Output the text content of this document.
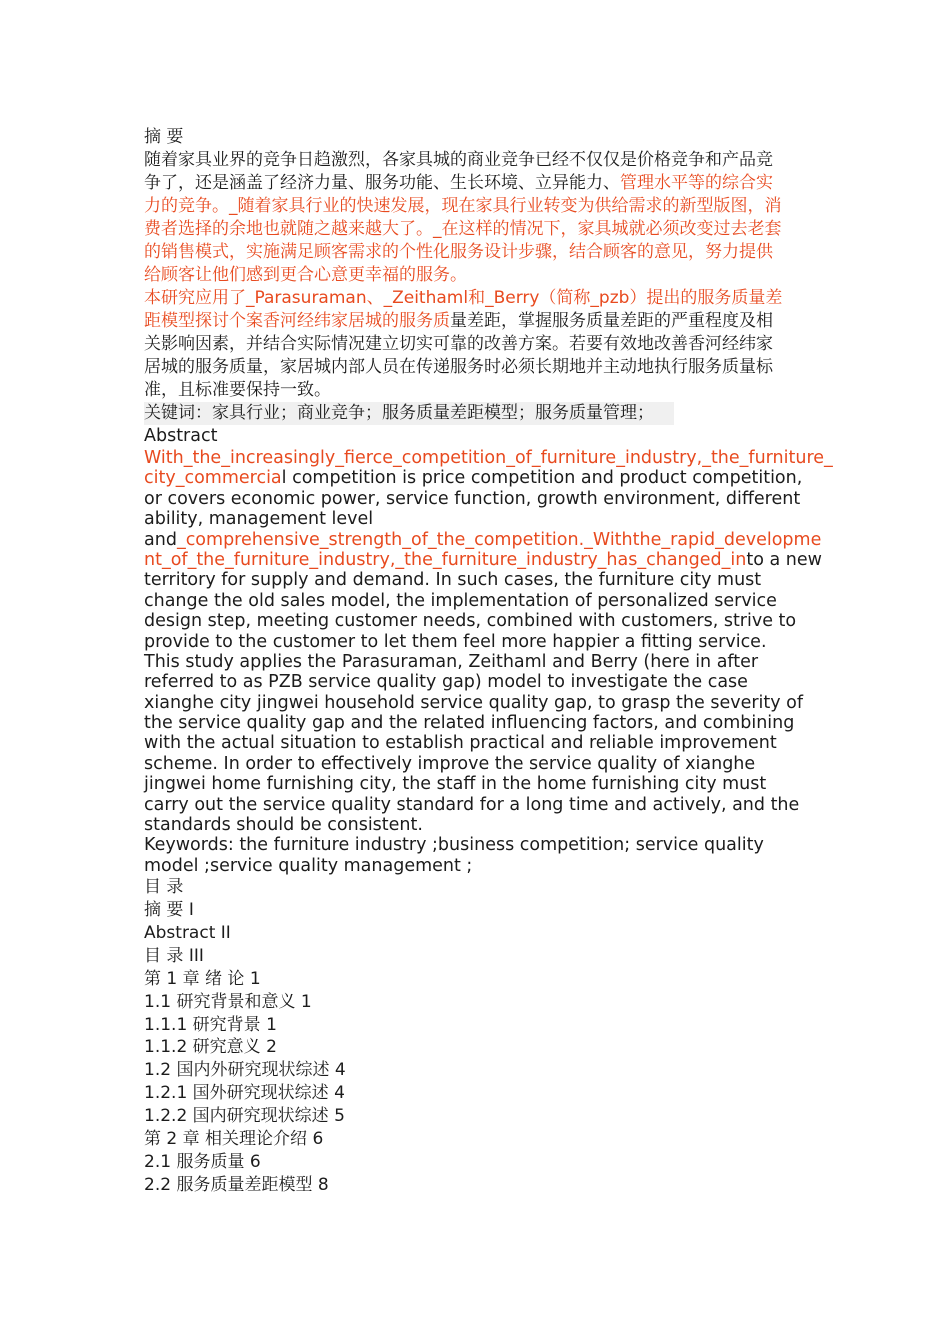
摘 要
随着家具业界的竞争日趋激烈，各家具城的商业竞争已经不仅仅是价格竞争和产品竞
争了，还是涵盖了经济力量、服务功能、生长环境、立异能力、管理水平等的综合实
力的竞争。_随着家具行业的快速发展，现在家具行业转变为供给需求的新型版图，消
费者选择的余地也就随之越来越大了。_在这样的情况下，家具城就必须改变过去老套
的销售模式，实施满足顾客需求的个性化服务设计步骤，结合顾客的意见，努力提供
给顾客让他们感到更合心意更幸福的服务。
本研究应用了_Parasuraman、_Zeithaml和_Berry（简称_pzb）提出的服务质量差
距模型探讨个案香河经纬家居城的服务质量差距，掌握服务质量差距的严重程度及相
关影响因素，并结合实际情况建立切实可靠的改善方案。若要有效地改善香河经纬家
居城的服务质量，家居城内部人员在传递服务时必须长期地并主动地执行服务质量标
准，且标准要保持一致。
关键词：家具行业；商业竞争；服务质量差距模型；服务质量管理；
Abstract
With_the_increasingly_fierce_competition_of_furniture_industry,_the_furniture_
city_commercial competition is price competition and product competition,
or covers economic power, service function, growth environment, different
ability, management level
and_comprehensive_strength_of_the_competition._Withthe_rapid_developme
nt_of_the_furniture_industry,_the_furniture_industry_has_changed_into a new
territory for supply and demand. In such cases, the furniture city must
change the old sales model, the implementation of personalized service
design step, meeting customer needs, combined with customers, strive to
provide to the customer to let them feel more happier a fitting service.
This study applies the Parasuraman, Zeithaml and Berry (here in after
referred to as PZB service quality gap) model to investigate the case
xianghe city jingwei household service quality gap, to grasp the severity of
the service quality gap and the related influencing factors, and combining
with the actual situation to establish practical and reliable improvement
scheme. In order to effectively improve the service quality of xianghe
jingwei home furnishing city, the staff in the home furnishing city must
carry out the service quality standard for a long time and actively, and the
standards should be consistent.
Keywords: the furniture industry ;business competition; service quality
model ;service quality management ;
目 录
摘 要 I
Abstract II
目 录 III
第 1 章 绪 论 1
1.1 研究背景和意义 1
1.1.1 研究背景 1
1.1.2 研究意义 2
1.2 国内外研究现状综述 4
1.2.1 国外研究现状综述 4
1.2.2 国内研究现状综述 5
第 2 章 相关理论介绍 6
2.1 服务质量 6
2.2 服务质量差距模型 8
